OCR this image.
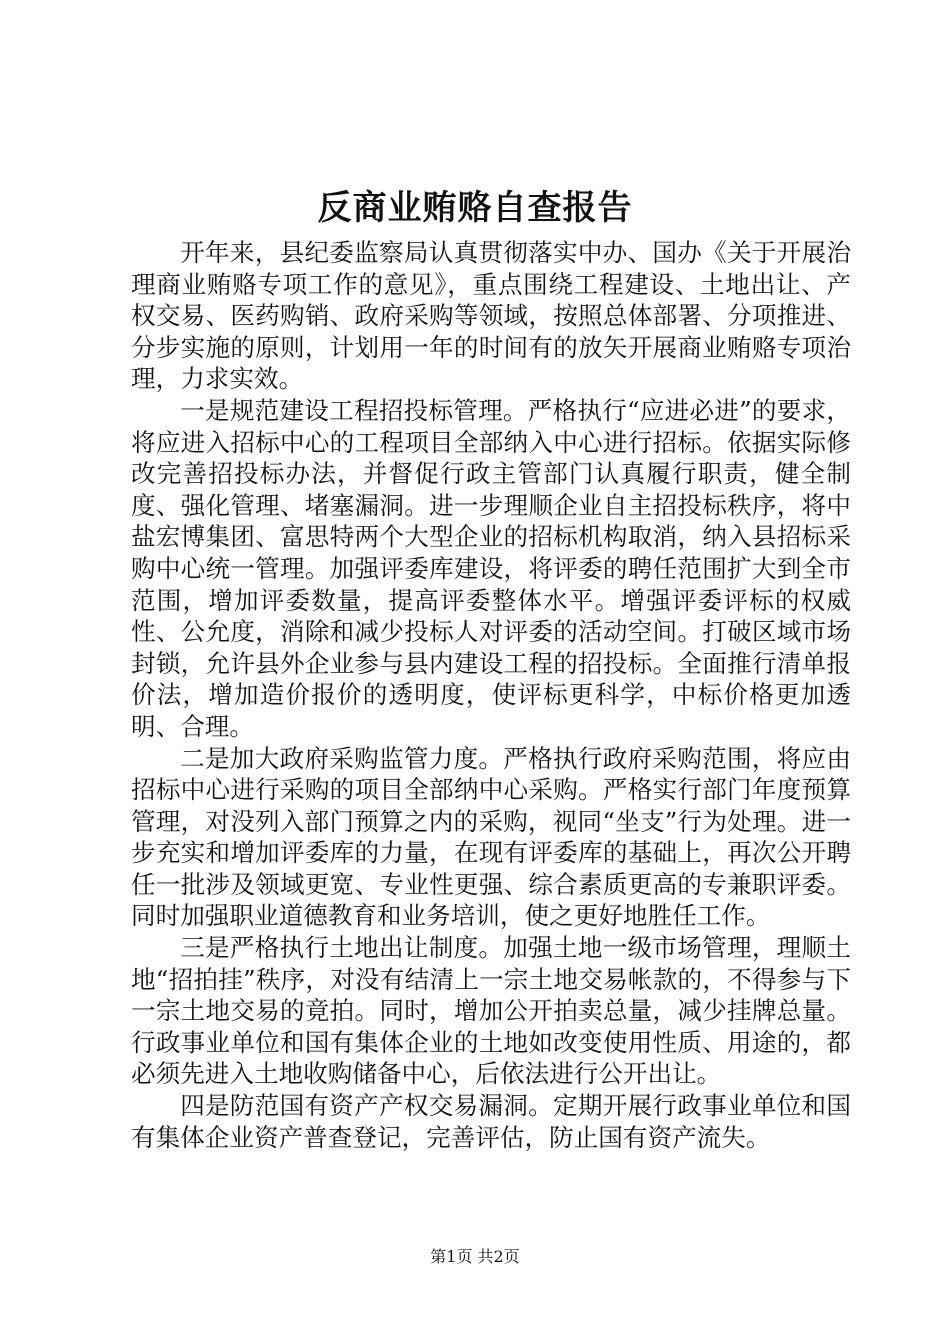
反商业贿赂自查报告

开年来，县纪委监察局认真贯彻落实中办、国办《关于开展治理商业贿赂专项工作的意见》，重点围绕工程建设、土地出让、产权交易、医药购销、政府采购等领域，按照总体部署、分项推进、分步实施的原则，计划用一年的时间有的放矢开展商业贿赂专项治理，力求实效。

一是规范建设工程招投标管理。严格执行“应进必进”的要求，将应进入招标中心的工程项目全部纳入中心进行招标。依据实际修改完善招投标办法，并督促行政主管部门认真履行职责，健全制度、强化管理、堵塞漏洞。进一步理顺企业自主招投标秩序，将中盐宏博集团、富思特两个大型企业的招标机构取消，纳入县招标采购中心统一管理。加强评委库建设，将评委的聘任范围扩大到全市范围，增加评委数量，提高评委整体水平。增强评委评标的权威性、公允度，消除和减少投标人对评委的活动空间。打破区域市场封锁，允许县外企业参与县内建设工程的招投标。全面推行清单报价法，增加造价报价的透明度，使评标更科学，中标价格更加透明、合理。

二是加大政府采购监管力度。严格执行政府采购范围，将应由招标中心进行采购的项目全部纳中心采购。严格实行部门年度预算管理，对没列入部门预算之内的采购，视同“坐支”行为处理。进一步充实和增加评委库的力量，在现有评委库的基础上，再次公开聘任一批涉及领域更宽、专业性更强、综合素质更高的专兼职评委。同时加强职业道德教育和业务培训，使之更好地胜任工作。

三是严格执行土地出让制度。加强土地一级市场管理，理顺土地“招拍挂”秩序，对没有结清上一宗土地交易帐款的，不得参与下一宗土地交易的竟拍。同时，增加公开拍卖总量，减少挂牌总量。行政事业单位和国有集体企业的土地如改变使用性质、用途的，都必须先进入土地收购储备中心，后依法进行公开出让。

四是防范国有资产产权交易漏洞。定期开展行政事业单位和国有集体企业资产普查登记，完善评估，防止国有资产流失。

第1页 共2页
